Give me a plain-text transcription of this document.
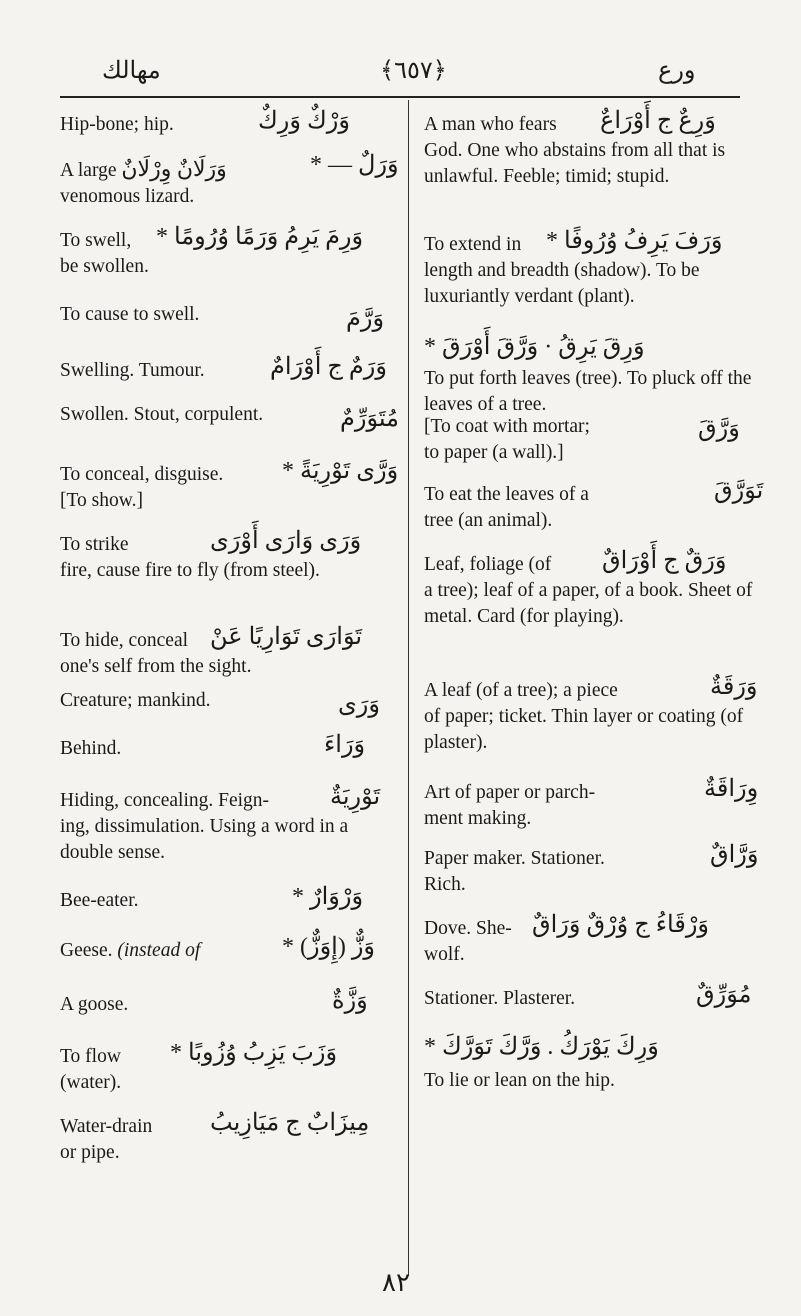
مهالك	﴿٦٥٧﴾	ورع
Hip-bone; hip.	وَرْكٌ وَرِكٌ
A large وَرَلَانٌ وِرْلَانٌ	وَرَلٌ — *
venomous lizard.
To swell,	وَرِمَ يَرِمُ وَرَمًا وُرُومًا *
be swollen.
To cause to swell.	وَرَّمَ
Swelling. Tumour.	وَرَمٌ ج أَوْرَامٌ
Swollen. Stout, corpulent.	مُتَوَرِّمٌ
To conceal, disguise.	وَرَّى تَوْرِيَةً *
[To show.]
To strike	وَرَى وَارَى أَوْرَى
fire, cause fire to fly (from steel).
To hide, conceal تَوَارَى تَوَارِيًا عَنْ
one's self from the sight.
Creature; mankind.	وَرَى
Behind.	وَرَاءَ
Hiding, concealing. Feign-	تَوْرِيَةٌ
ing, dissimulation. Using a word in a double sense.
Bee-eater.	وَرْوَارٌ *
Geese. (instead of	وَزٌّ (إِوَزٌّ) *
A goose.	وَزَّةٌ
To flow	وَزَبَ يَزِبُ وُزُوبًا *
(water).
Water-drain	مِيزَابٌ ج مَيَازِيبُ
or pipe.
A man who fears	وَرِعٌ ج أَوْرَاعٌ
God. One who abstains from all that is unlawful. Feeble; timid; stupid.
To extend in	وَرَفَ يَرِفُ وُرُوفًا *
length and breadth (shadow). To be luxuriantly verdant (plant).
وَرِقَ يَرِقُ · وَرَّقَ أَوْرَقَ *
To put forth leaves (tree). To pluck off the leaves of a tree.
[To coat with mortar;	وَرَّقَ
to paper (a wall).]
To eat the leaves of a	تَوَرَّقَ
tree (an animal).
Leaf, foliage (of	وَرَقٌ ج أَوْرَاقٌ
a tree); leaf of a paper, of a book. Sheet of metal. Card (for playing).
A leaf (of a tree); a piece	وَرَقَةٌ
of paper; ticket. Thin layer or coating (of plaster).
Art of paper or parch-	وِرَاقَةٌ
ment making.
Paper maker. Stationer.	وَرَّاقٌ
Rich.
Dove. She- وَرْقَاءُ ج وُرْقٌ وَرَاقٌ
wolf.
Stationer. Plasterer.	مُوَرِّقٌ
وَرِكَ يَوْرَكُ . وَرَّكَ تَوَرَّكَ *
To lie or lean on the hip.
٨٢
